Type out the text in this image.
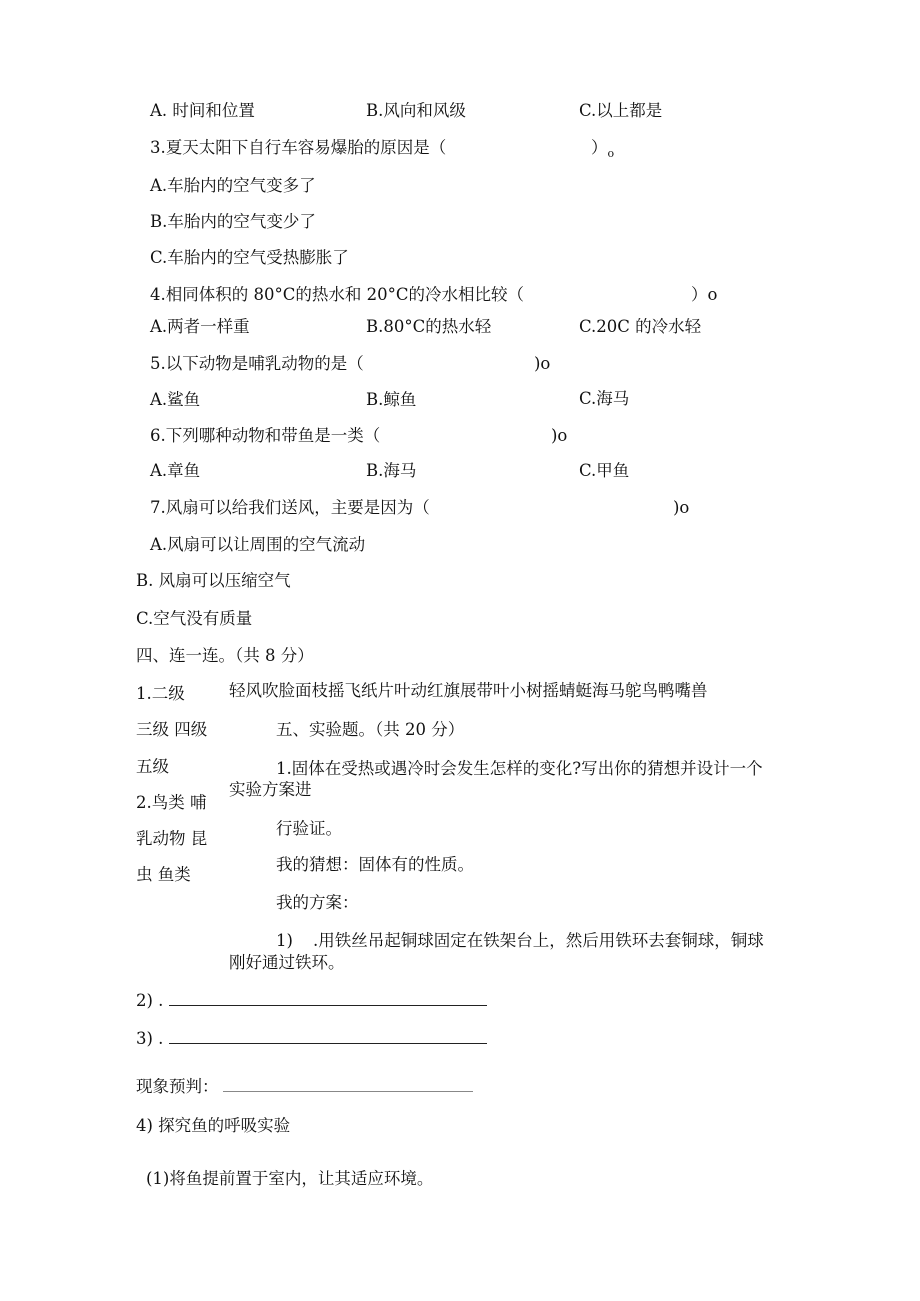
A. 时间和位置	B.风向和风级	C.以上都是
3.夏天太阳下自行车容易爆胎的原因是（	）$_o$
A.车胎内的空气变多了
B.车胎内的空气变少了
C.车胎内的空气受热膨胀了
4.相同体积的 80°C的热水和 20°C的冷水相比较（	）o
A.两者一样重	B.80°C的热水轻	C.20C 的冷水轻
5.以下动物是哺乳动物的是（	)o
A.鲨鱼	B.鲸鱼	C.海马
6.下列哪种动物和带鱼是一类（	)o
A.章鱼	B.海马	C.甲鱼
7.风扇可以给我们送风，主要是因为（	)o
A.风扇可以让周围的空气流动
B. 风扇可以压缩空气
C.空气没有质量
四、连一连。（共 8 分）
1.二级	轻风吹脸面枝摇飞纸片叶动红旗展带叶小树摇蜻蜓海马鸵鸟鸭嘴兽
三级 四级
五级
2.鸟类 哺
乳动物 昆
虫 鱼类
五、实验题。（共 20 分）
1.固体在受热或遇冷时会发生怎样的变化?写出你的猜想并设计一个
实验方案进
行验证。
我的猜想：固体有的性质。
我的方案：
1) .用铁丝吊起铜球固定在铁架台上，然后用铁环去套铜球，铜球
刚好通过铁环。
2) .
3) .
现象预判：
4) 探究鱼的呼吸实验
(1)将鱼提前置于室内，让其适应环境。
